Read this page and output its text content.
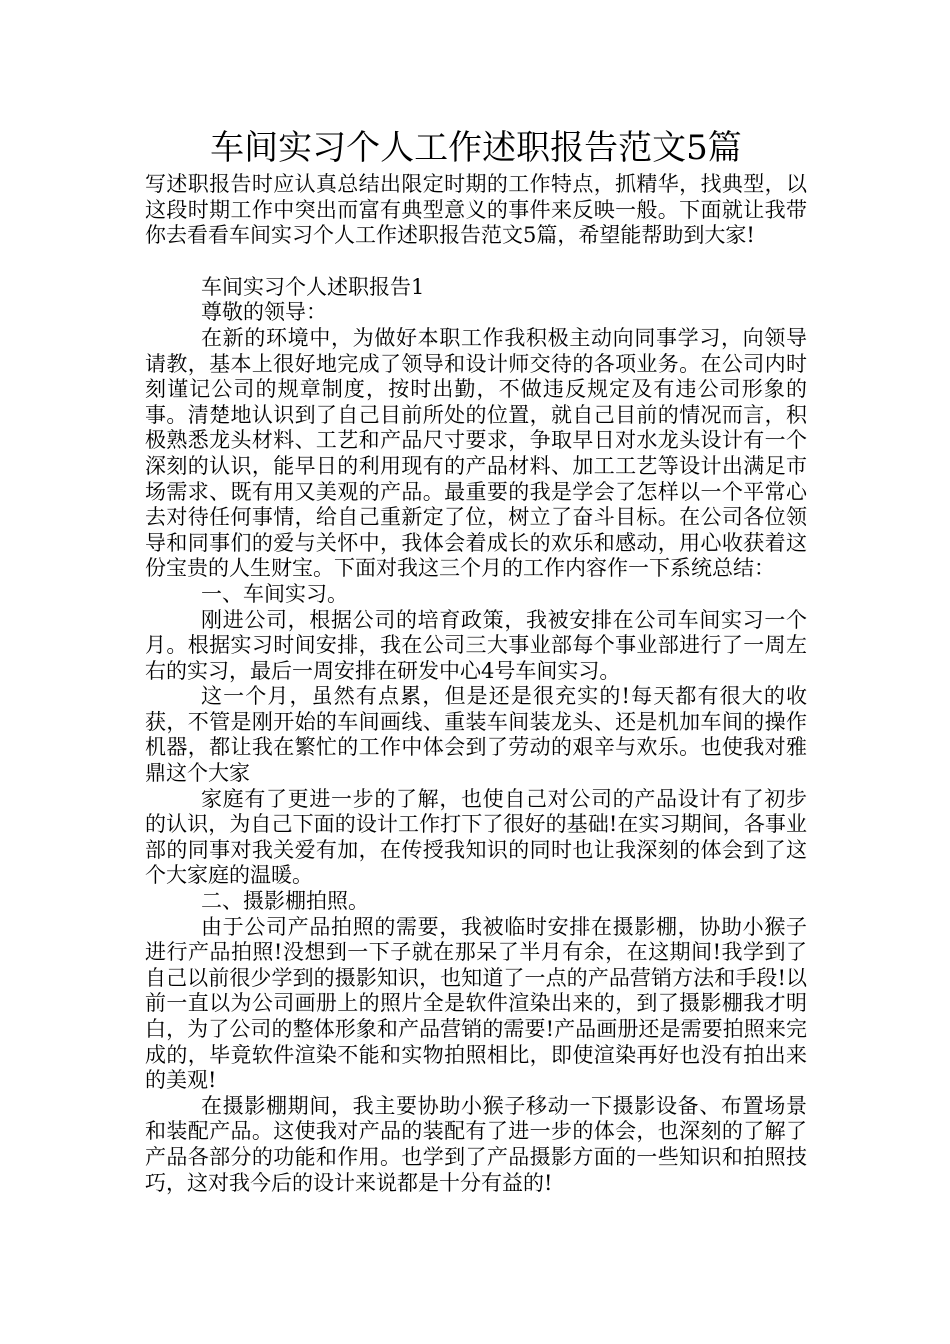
车间实习个人工作述职报告范文5篇

写述职报告时应认真总结出限定时期的工作特点，抓精华，找典型，以这段时期工作中突出而富有典型意义的事件来反映一般。下面就让我带你去看看车间实习个人工作述职报告范文5篇，希望能帮助到大家!

车间实习个人述职报告1

尊敬的领导：

在新的环境中，为做好本职工作我积极主动向同事学习，向领导请教，基本上很好地完成了领导和设计师交待的各项业务。在公司内时刻谨记公司的规章制度，按时出勤，不做违反规定及有违公司形象的事。清楚地认识到了自己目前所处的位置，就自己目前的情况而言，积极熟悉龙头材料、工艺和产品尺寸要求，争取早日对水龙头设计有一个深刻的认识，能早日的利用现有的产品材料、加工工艺等设计出满足市场需求、既有用又美观的产品。最重要的我是学会了怎样以一个平常心去对待任何事情，给自己重新定了位，树立了奋斗目标。在公司各位领导和同事们的爱与关怀中，我体会着成长的欢乐和感动，用心收获着这份宝贵的人生财宝。下面对我这三个月的工作内容作一下系统总结：

一、车间实习。

刚进公司，根据公司的培育政策，我被安排在公司车间实习一个月。根据实习时间安排，我在公司三大事业部每个事业部进行了一周左右的实习，最后一周安排在研发中心4号车间实习。

这一个月，虽然有点累，但是还是很充实的!每天都有很大的收获，不管是刚开始的车间画线、重装车间装龙头、还是机加车间的操作机器，都让我在繁忙的工作中体会到了劳动的艰辛与欢乐。也使我对雅鼎这个大家

家庭有了更进一步的了解，也使自己对公司的产品设计有了初步的认识，为自己下面的设计工作打下了很好的基础!在实习期间，各事业部的同事对我关爱有加，在传授我知识的同时也让我深刻的体会到了这个大家庭的温暖。

二、摄影棚拍照。

由于公司产品拍照的需要，我被临时安排在摄影棚，协助小猴子进行产品拍照!没想到一下子就在那呆了半月有余，在这期间!我学到了自己以前很少学到的摄影知识，也知道了一点的产品营销方法和手段!以前一直以为公司画册上的照片全是软件渲染出来的，到了摄影棚我才明白，为了公司的整体形象和产品营销的需要!产品画册还是需要拍照来完成的，毕竟软件渲染不能和实物拍照相比，即使渲染再好也没有拍出来的美观!

在摄影棚期间，我主要协助小猴子移动一下摄影设备、布置场景和装配产品。这使我对产品的装配有了进一步的体会，也深刻的了解了产品各部分的功能和作用。也学到了产品摄影方面的一些知识和拍照技巧，这对我今后的设计来说都是十分有益的!
